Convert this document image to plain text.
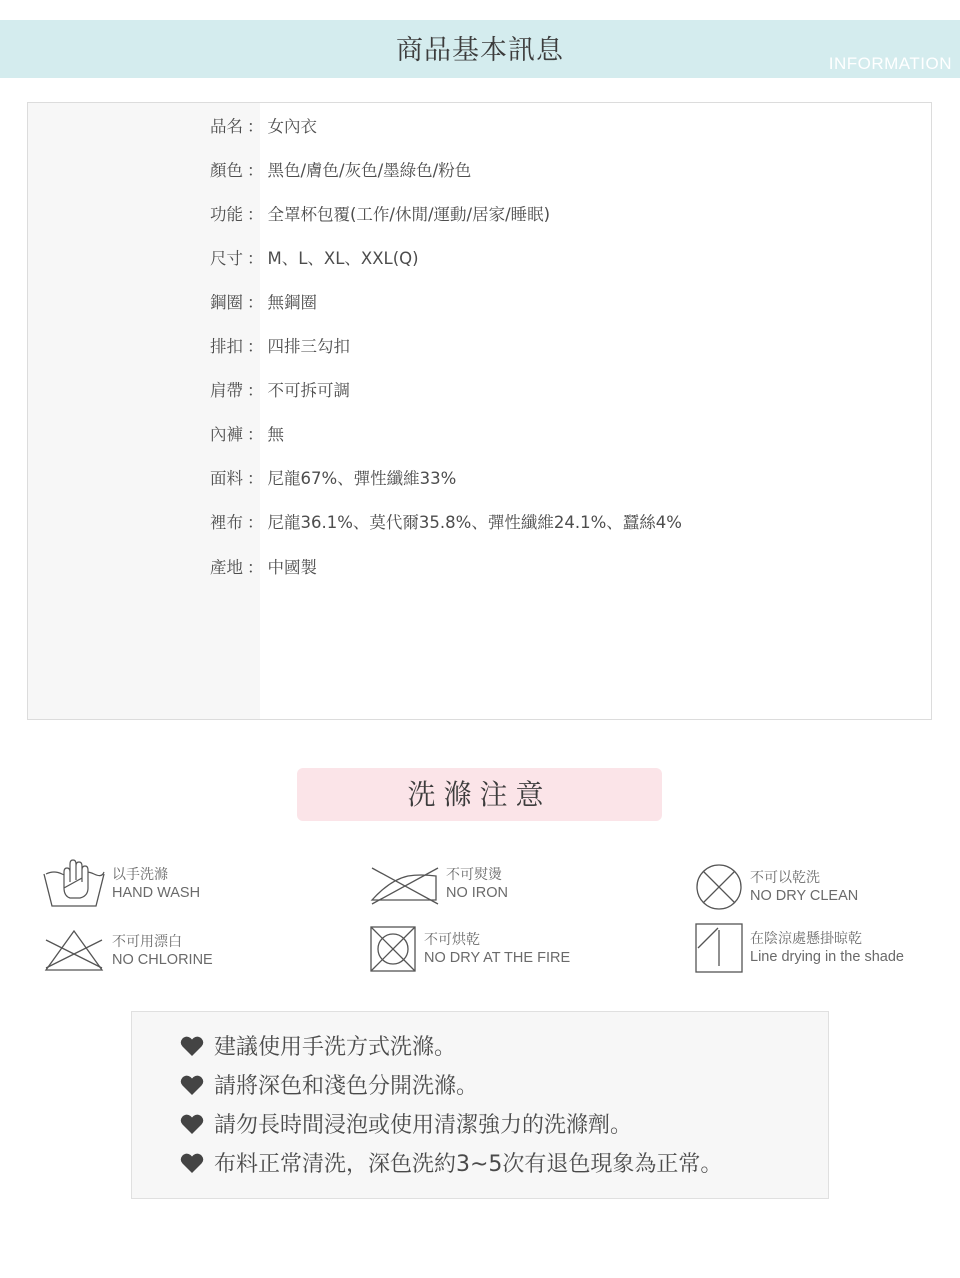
商品基本訊息	INFORMATION
品名 ： 女內衣
顏色 ： 黑色/膚色/灰色/墨綠色/粉色
功能 ： 全罩杯包覆(工作/休閒/運動/居家/睡眠)
尺寸 ： M、L、XL、XXL(Q)
鋼圈 ： 無鋼圈
排扣 ： 四排三勾扣
肩帶 ： 不可拆可調
內褲 ： 無
面料 ： 尼龍67%、彈性纖維33%
裡布 ： 尼龍36.1%、莫代爾35.8%、彈性纖維24.1%、蠶絲4%
產地 ： 中國製
洗滌注意
以手洗滌
HAND WASH
不可熨燙
NO IRON
不可以乾洗
NO DRY CLEAN
不可用漂白
NO CHLORINE
不可烘乾
NO DRY AT THE FIRE
在陰涼處懸掛晾乾
Line drying in the shade
建議使用手洗方式洗滌。
請將深色和淺色分開洗滌。
請勿長時間浸泡或使用清潔強力的洗滌劑。
布料正常清洗，深色洗約3~5次有退色現象為正常。
